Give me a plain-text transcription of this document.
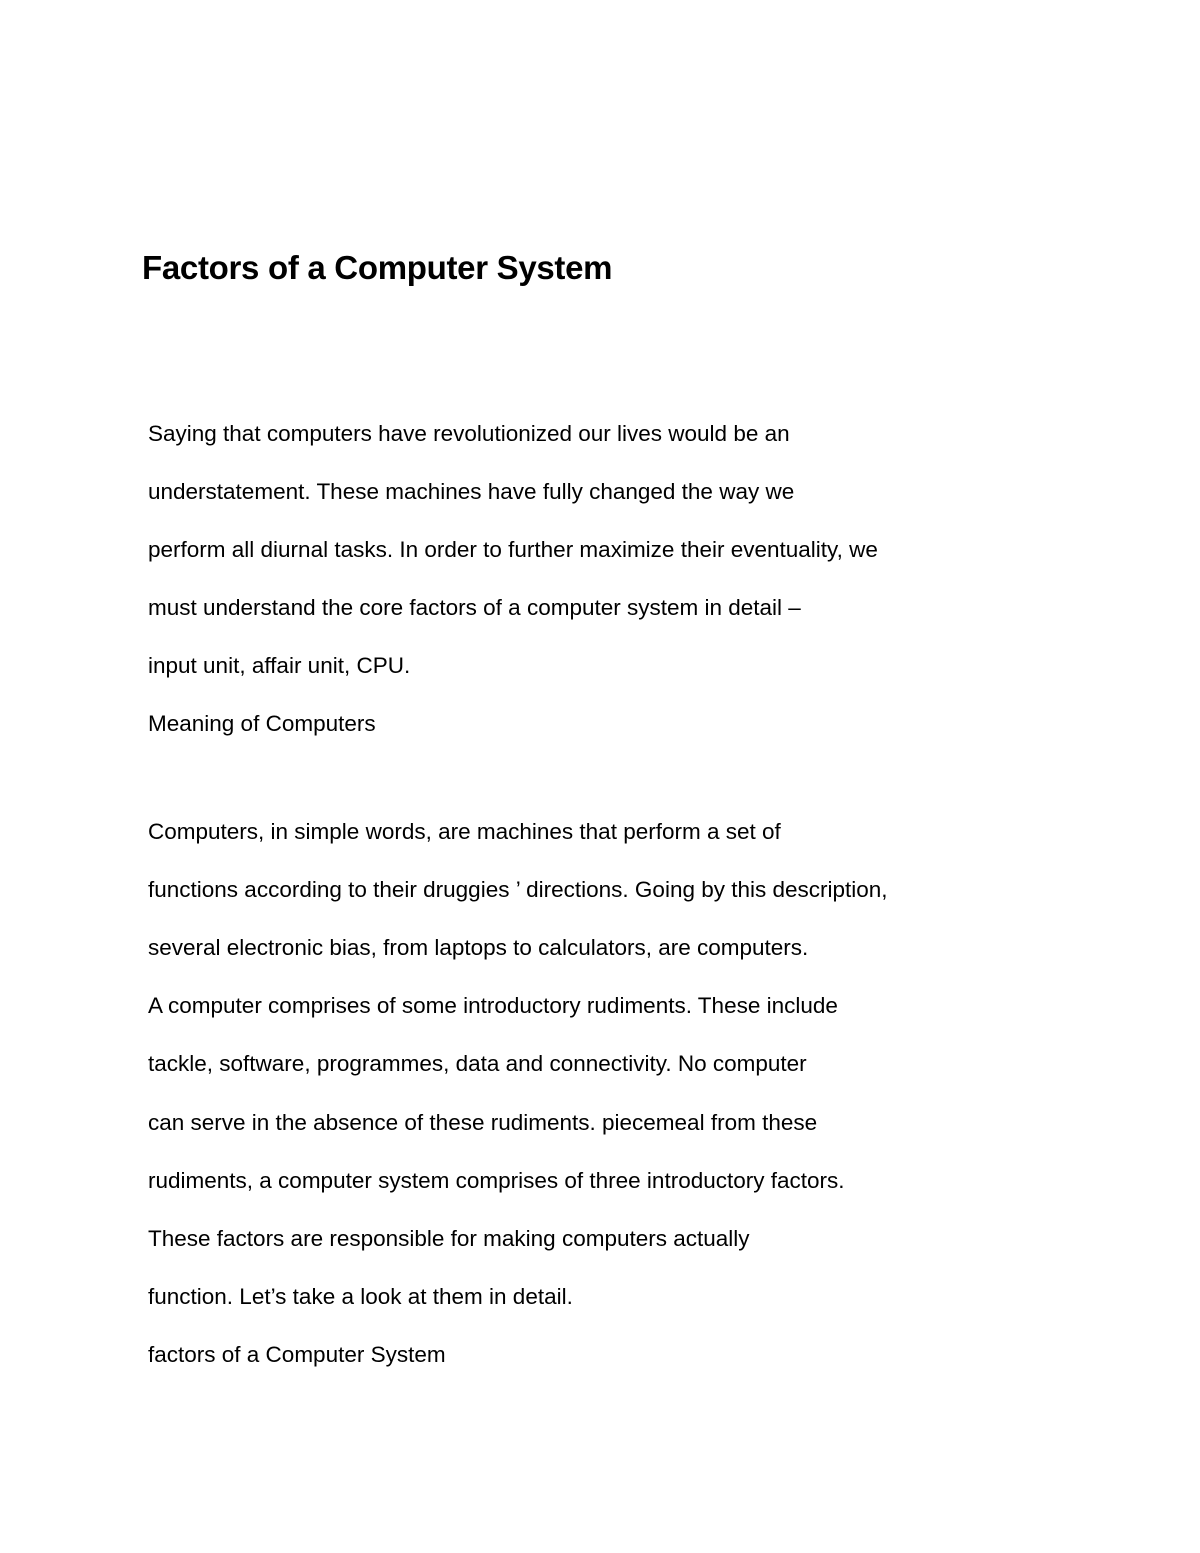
Factors of a Computer System

Saying that computers have revolutionized our lives would be an

understatement. These machines have fully changed the way we

perform all diurnal tasks. In order to further maximize their eventuality, we

must understand the core factors of a computer system in detail –

input unit, affair unit, CPU.

Meaning of Computers

Computers, in simple words, are machines that perform a set of

functions according to their druggies ’ directions. Going by this description,

several electronic bias, from laptops to calculators, are computers.

A computer comprises of some introductory rudiments. These include

tackle, software, programmes, data and connectivity. No computer

can serve in the absence of these rudiments. piecemeal from these

rudiments, a computer system comprises of three introductory factors.

These factors are responsible for making computers actually

function. Let’s take a look at them in detail.

factors of a Computer System
